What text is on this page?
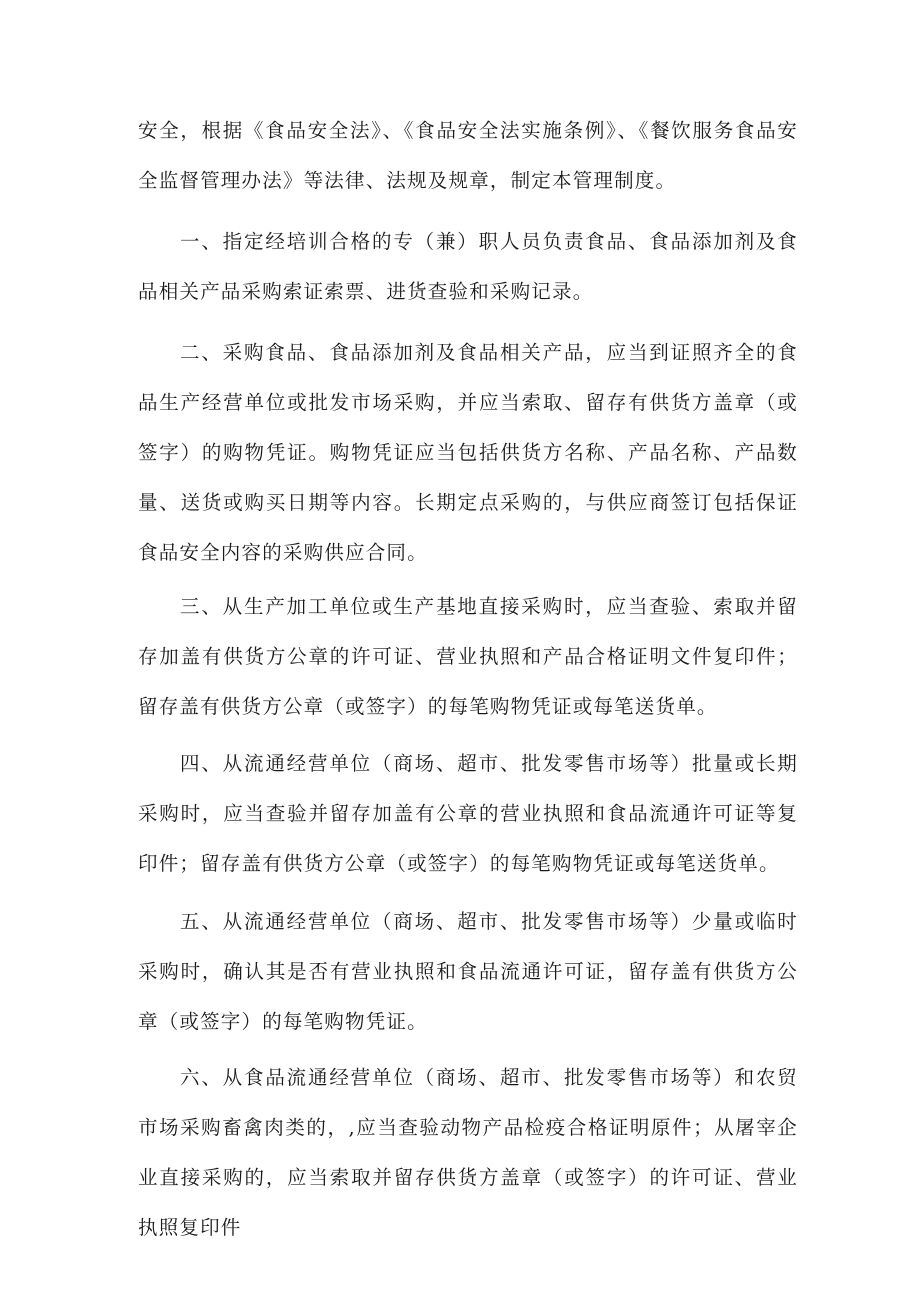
安全，根据《食品安全法》、《食品安全法实施条例》、《餐饮服务食品安全监督管理办法》等法律、法规及规章，制定本管理制度。

一、指定经培训合格的专（兼）职人员负责食品、食品添加剂及食品相关产品采购索证索票、进货查验和采购记录。

二、采购食品、食品添加剂及食品相关产品，应当到证照齐全的食品生产经营单位或批发市场采购，并应当索取、留存有供货方盖章（或签字）的购物凭证。购物凭证应当包括供货方名称、产品名称、产品数量、送货或购买日期等内容。长期定点采购的，与供应商签订包括保证食品安全内容的采购供应合同。

三、从生产加工单位或生产基地直接采购时，应当查验、索取并留存加盖有供货方公章的许可证、营业执照和产品合格证明文件复印件；留存盖有供货方公章（或签字）的每笔购物凭证或每笔送货单。

四、从流通经营单位（商场、超市、批发零售市场等）批量或长期采购时，应当查验并留存加盖有公章的营业执照和食品流通许可证等复印件；留存盖有供货方公章（或签字）的每笔购物凭证或每笔送货单。

五、从流通经营单位（商场、超市、批发零售市场等）少量或临时采购时，确认其是否有营业执照和食品流通许可证，留存盖有供货方公章（或签字）的每笔购物凭证。

六、从食品流通经营单位（商场、超市、批发零售市场等）和农贸市场采购畜禽肉类的，,应当查验动物产品检疫合格证明原件；从屠宰企业直接采购的，应当索取并留存供货方盖章（或签字）的许可证、营业执照复印件
